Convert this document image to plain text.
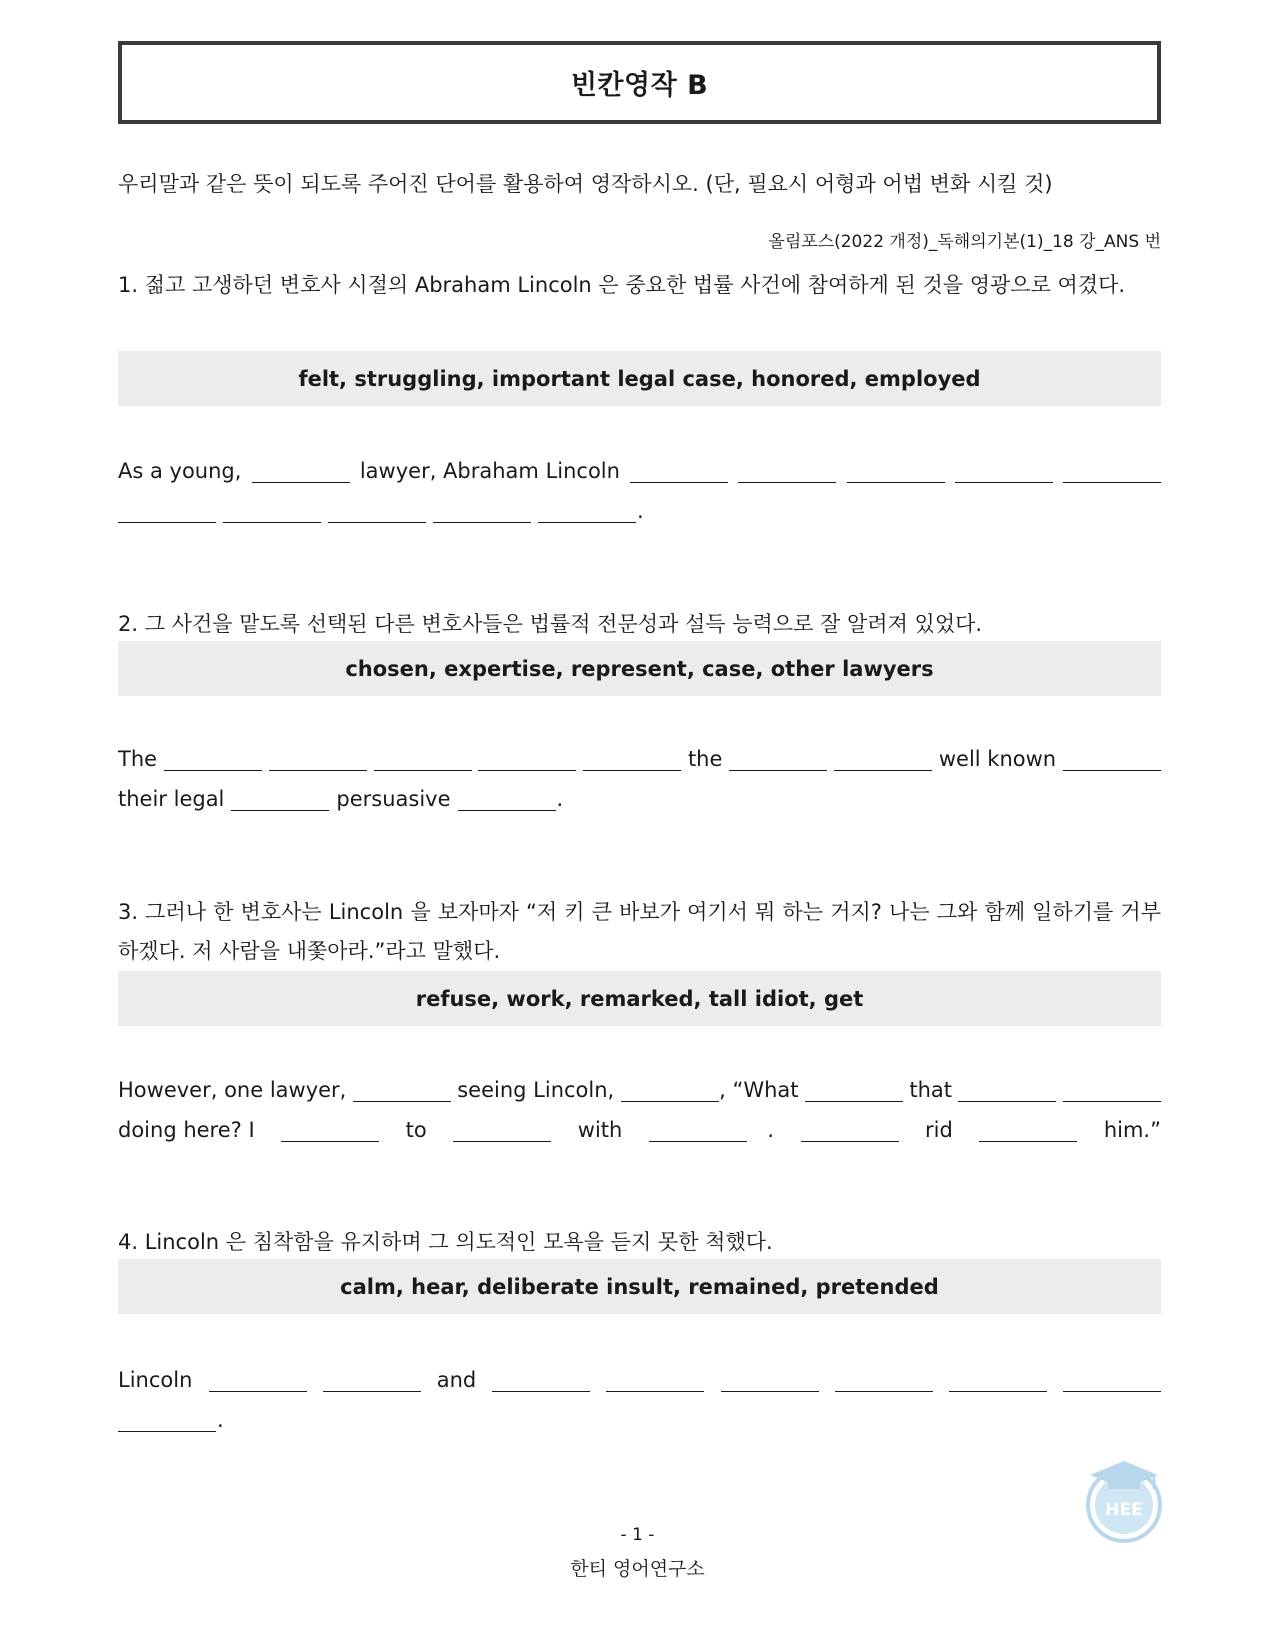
빈칸영작 B
우리말과 같은 뜻이 되도록 주어진 단어를 활용하여 영작하시오. (단, 필요시 어형과 어법 변화 시킬 것)
올림포스(2022 개정)_독해의기본(1)_18 강_ANS 번
1. 젊고 고생하던 변호사 시절의 Abraham Lincoln 은 중요한 법률 사건에 참여하게 된 것을 영광으로 여겼다.
felt, struggling, important legal case, honored, employed
As a young,	lawyer, Abraham Lincoln
.
2. 그 사건을 맡도록 선택된 다른 변호사들은 법률적 전문성과 설득 능력으로 잘 알려져 있었다.
chosen, expertise, represent, case, other lawyers
The	the	well known
their legal	persuasive	.
3. 그러나 한 변호사는 Lincoln 을 보자마자 “저 키 큰 바보가 여기서 뭐 하는 거지? 나는 그와 함께 일하기를 거부하겠다. 저 사람을 내쫓아라.”라고 말했다.
refuse, work, remarked, tall idiot, get
However, one lawyer,	seeing Lincoln,	, “What	that
doing here? I	to	with	.	rid	him.”
4. Lincoln 은 침착함을 유지하며 그 의도적인 모욕을 듣지 못한 척했다.
calm, hear, deliberate insult, remained, pretended
Lincoln	and
.
- 1 -
한티 영어연구소
HEE
